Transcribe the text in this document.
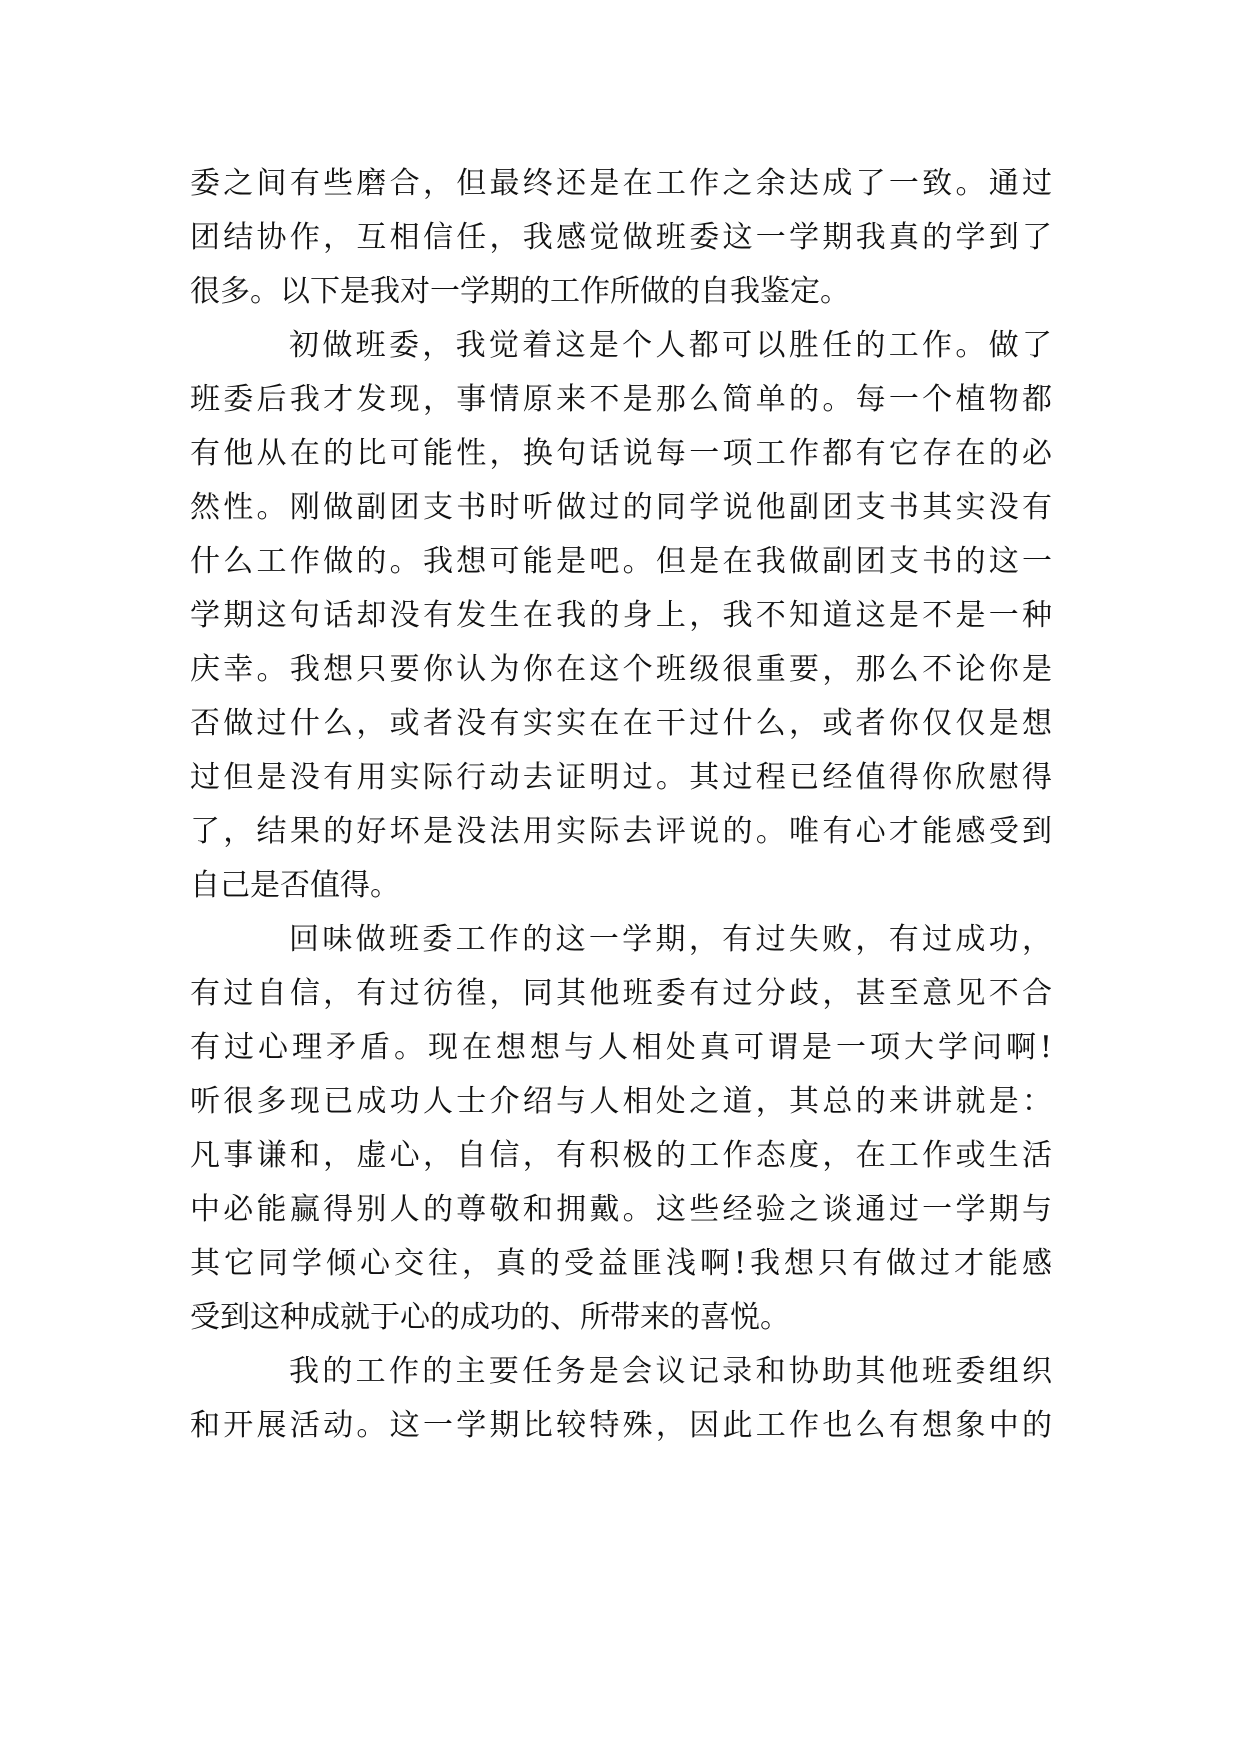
委之间有些磨合，但最终还是在工作之余达成了一致。通过
团结协作，互相信任，我感觉做班委这一学期我真的学到了
很多。以下是我对一学期的工作所做的自我鉴定。
初做班委，我觉着这是个人都可以胜任的工作。做了
班委后我才发现，事情原来不是那么简单的。每一个植物都
有他从在的比可能性，换句话说每一项工作都有它存在的必
然性。刚做副团支书时听做过的同学说他副团支书其实没有
什么工作做的。我想可能是吧。但是在我做副团支书的这一
学期这句话却没有发生在我的身上，我不知道这是不是一种
庆幸。我想只要你认为你在这个班级很重要，那么不论你是
否做过什么，或者没有实实在在干过什么，或者你仅仅是想
过但是没有用实际行动去证明过。其过程已经值得你欣慰得
了，结果的好坏是没法用实际去评说的。唯有心才能感受到
自己是否值得。
回味做班委工作的这一学期，有过失败，有过成功，
有过自信，有过彷徨，同其他班委有过分歧，甚至意见不合
有过心理矛盾。现在想想与人相处真可谓是一项大学问啊!
听很多现已成功人士介绍与人相处之道，其总的来讲就是：
凡事谦和，虚心，自信，有积极的工作态度，在工作或生活
中必能赢得别人的尊敬和拥戴。这些经验之谈通过一学期与
其它同学倾心交往，真的受益匪浅啊!我想只有做过才能感
受到这种成就于心的成功的、所带来的喜悦。
我的工作的主要任务是会议记录和协助其他班委组织
和开展活动。这一学期比较特殊，因此工作也么有想象中的
